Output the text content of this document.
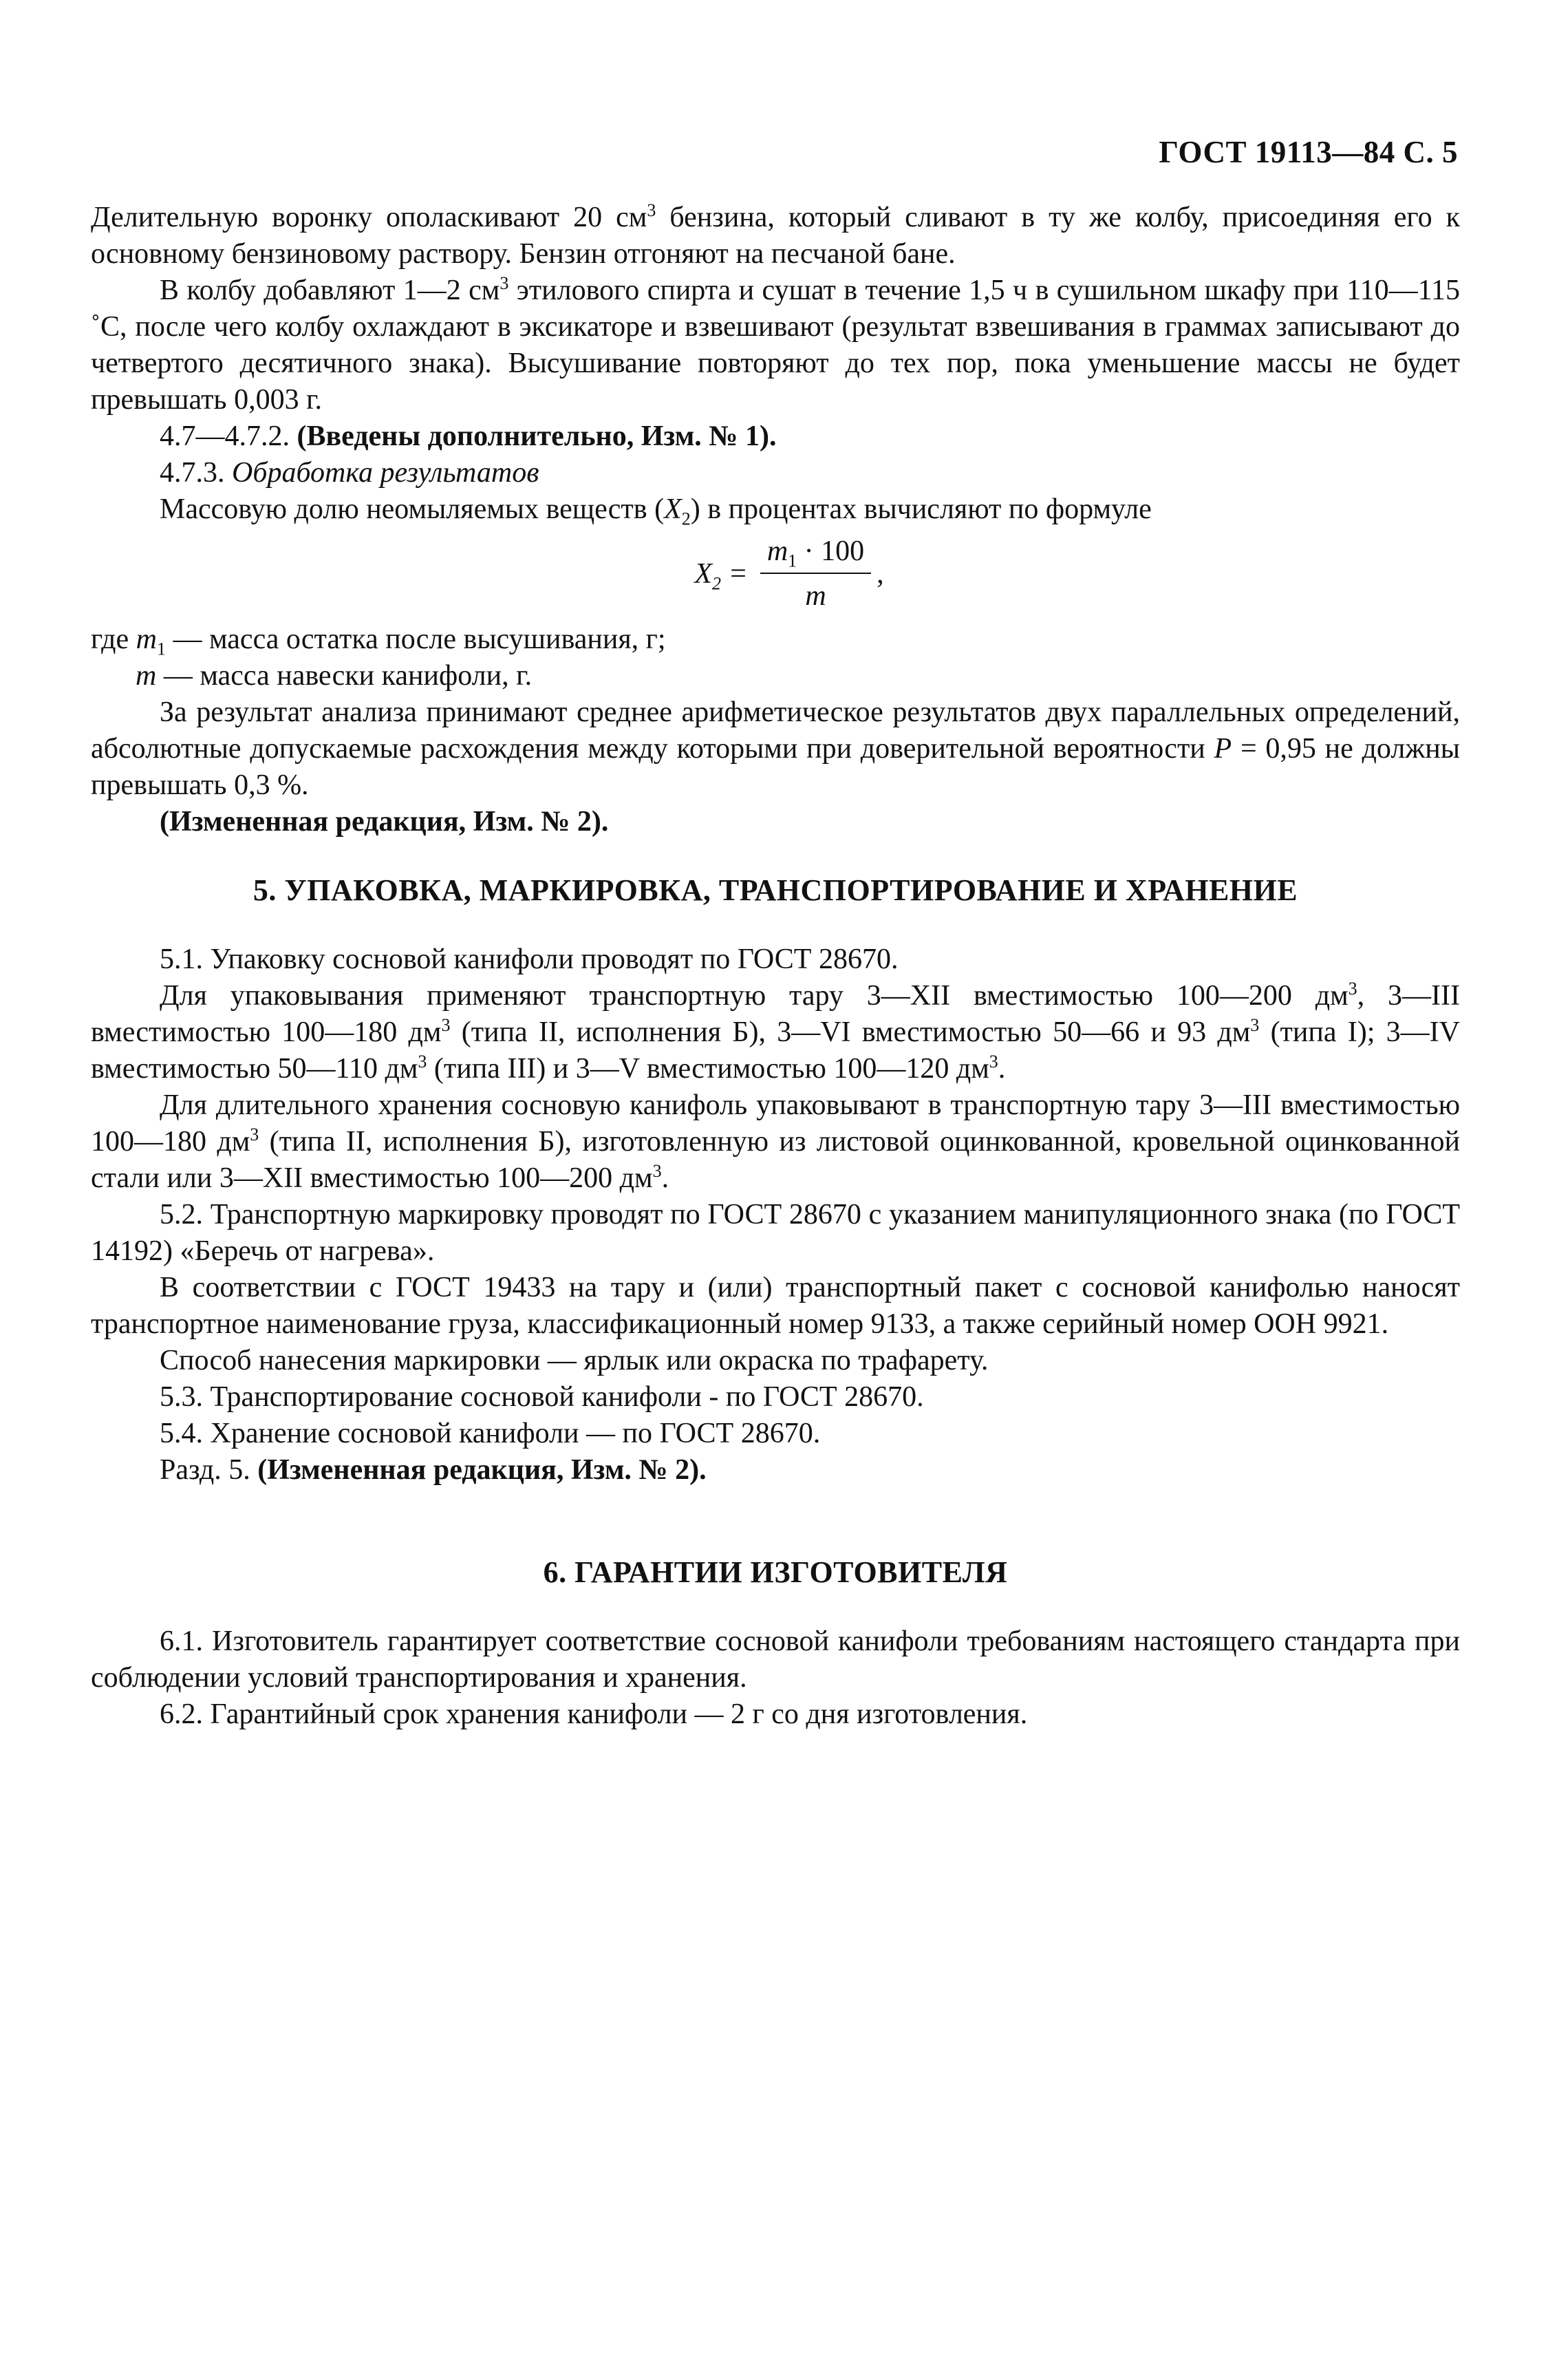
ГОСТ 19113—84 С. 5

Делительную воронку ополаскивают 20 $см^3$ бензина, который сливают в ту же колбу, присоединяя его к основному бензиновому раствору. Бензин отгоняют на песчаной бане.

В колбу добавляют 1—2 $см^3$ этилового спирта и сушат в течение 1,5 ч в сушильном шкафу при 110—115 ˚С, после чего колбу охлаждают в эксикаторе и взвешивают (результат взвешивания в граммах записывают до четвертого десятичного знака). Высушивание повторяют до тех пор, пока уменьшение массы не будет превышать 0,003 г.

4.7—4.7.2. (Введены дополнительно, Изм. № 1).

4.7.3. Обработка результатов

Массовую долю неомыляемых веществ $(X_2)$ в процентах вычисляют по формуле

$X_2 = \frac{m_1 \cdot 100}{m}$ ,

где $m_1$ — масса остатка после высушивания, г;

m — масса навески канифоли, г.

За результат анализа принимают среднее арифметическое результатов двух параллельных определений, абсолютные допускаемые расхождения между которыми при доверительной вероятности P = 0,95 не должны превышать 0,3 %.

(Измененная редакция, Изм. № 2).

5. УПАКОВКА, МАРКИРОВКА, ТРАНСПОРТИРОВАНИЕ И ХРАНЕНИЕ

5.1. Упаковку сосновой канифоли проводят по ГОСТ 28670.

Для упаковывания применяют транспортную тару 3—XII вместимостью 100—200 $дм^3$, 3—III вместимостью 100—180 $дм^3$ (типа II, исполнения Б), 3—VI вместимостью 50—66 и 93 $дм^3$ (типа I); 3—IV вместимостью 50—110 $дм^3$ (типа III) и 3—V вместимостью 100—120 $дм^3$.

Для длительного хранения сосновую канифоль упаковывают в транспортную тару 3—III вместимостью 100—180 $дм^3$ (типа II, исполнения Б), изготовленную из листовой оцинкованной, кровельной оцинкованной стали или 3—XII вместимостью 100—200 $дм^3$.

5.2. Транспортную маркировку проводят по ГОСТ 28670 с указанием манипуляционного знака (по ГОСТ 14192) «Беречь от нагрева».

В соответствии с ГОСТ 19433 на тару и (или) транспортный пакет с сосновой канифолью наносят транспортное наименование груза, классификационный номер 9133, а также серийный номер ООН 9921.

Способ нанесения маркировки — ярлык или окраска по трафарету.

5.3. Транспортирование сосновой канифоли - по ГОСТ 28670.

5.4. Хранение сосновой канифоли — по ГОСТ 28670.

Разд. 5. (Измененная редакция, Изм. № 2).

6. ГАРАНТИИ ИЗГОТОВИТЕЛЯ

6.1. Изготовитель гарантирует соответствие сосновой канифоли требованиям настоящего стандарта при соблюдении условий транспортирования и хранения.

6.2. Гарантийный срок хранения канифоли — 2 г со дня изготовления.
